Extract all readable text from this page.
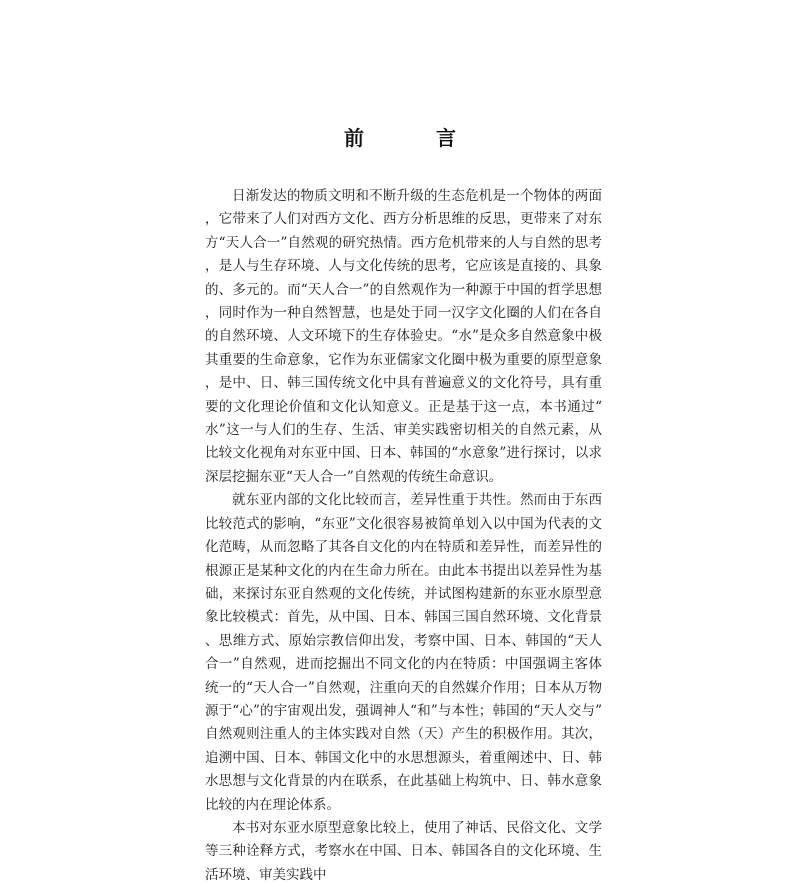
前　言

日渐发达的物质文明和不断升级的生态危机是一个物体的两面，它带来了人们对西方文化、西方分析思维的反思，更带来了对东方“天人合一”自然观的研究热情。西方危机带来的人与自然的思考，是人与生存环境、人与文化传统的思考，它应该是直接的、具象的、多元的。而“天人合一”的自然观作为一种源于中国的哲学思想，同时作为一种自然智慧，也是处于同一汉字文化圈的人们在各自的自然环境、人文环境下的生存体验史。“水”是众多自然意象中极其重要的生命意象，它作为东亚儒家文化圈中极为重要的原型意象，是中、日、韩三国传统文化中具有普遍意义的文化符号，具有重要的文化理论价值和文化认知意义。正是基于这一点，本书通过“水”这一与人们的生存、生活、审美实践密切相关的自然元素，从比较文化视角对东亚中国、日本、韩国的“水意象”进行探讨，以求深层挖掘东亚“天人合一”自然观的传统生命意识。

就东亚内部的文化比较而言，差异性重于共性。然而由于东西比较范式的影响，“东亚”文化很容易被简单划入以中国为代表的文化范畴，从而忽略了其各自文化的内在特质和差异性，而差异性的根源正是某种文化的内在生命力所在。由此本书提出以差异性为基础，来探讨东亚自然观的文化传统，并试图构建新的东亚水原型意象比较模式：首先，从中国、日本、韩国三国自然环境、文化背景、思维方式、原始宗教信仰出发，考察中国、日本、韩国的“天人合一”自然观，进而挖掘出不同文化的内在特质：中国强调主客体统一的“天人合一”自然观，注重向天的自然媒介作用；日本从万物源于“心”的宇宙观出发，强调神人“和”与本性；韩国的“天人交与”自然观则注重人的主体实践对自然（天）产生的积极作用。其次，追溯中国、日本、韩国文化中的水思想源头，着重阐述中、日、韩水思想与文化背景的内在联系，在此基础上构筑中、日、韩水意象比较的内在理论体系。

本书对东亚水原型意象比较上，使用了神话、民俗文化、文学等三种诠释方式，考察水在中国、日本、韩国各自的文化环境、生活环境、审美实践中
